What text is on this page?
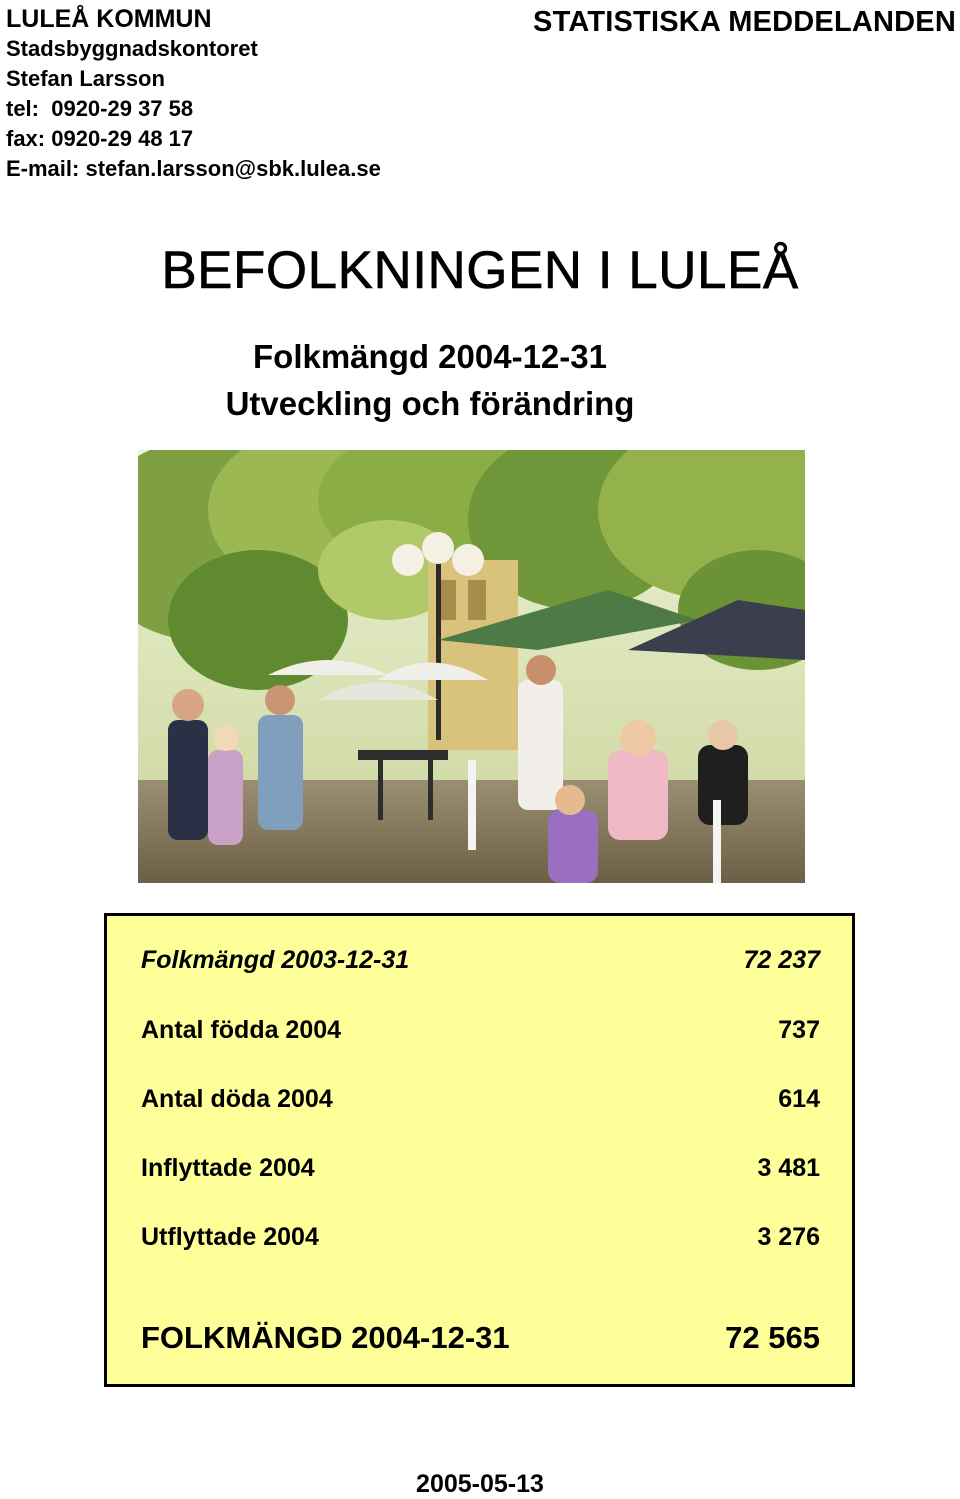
LULEÅ KOMMUN
Stadsbyggnadskontoret
Stefan Larsson
tel:  0920-29 37 58
fax: 0920-29 48 17
E-mail: stefan.larsson@sbk.lulea.se
STATISTISKA MEDDELANDEN
BEFOLKNINGEN I LULEÅ
Folkmängd 2004-12-31
Utveckling och förändring
Folkmängd 2003-12-31	72 237
Antal födda 2004	737
Antal döda 2004	614
Inflyttade 2004	3 481
Utflyttade 2004	3 276
FOLKMÄNGD 2004-12-31	72 565
2005-05-13
